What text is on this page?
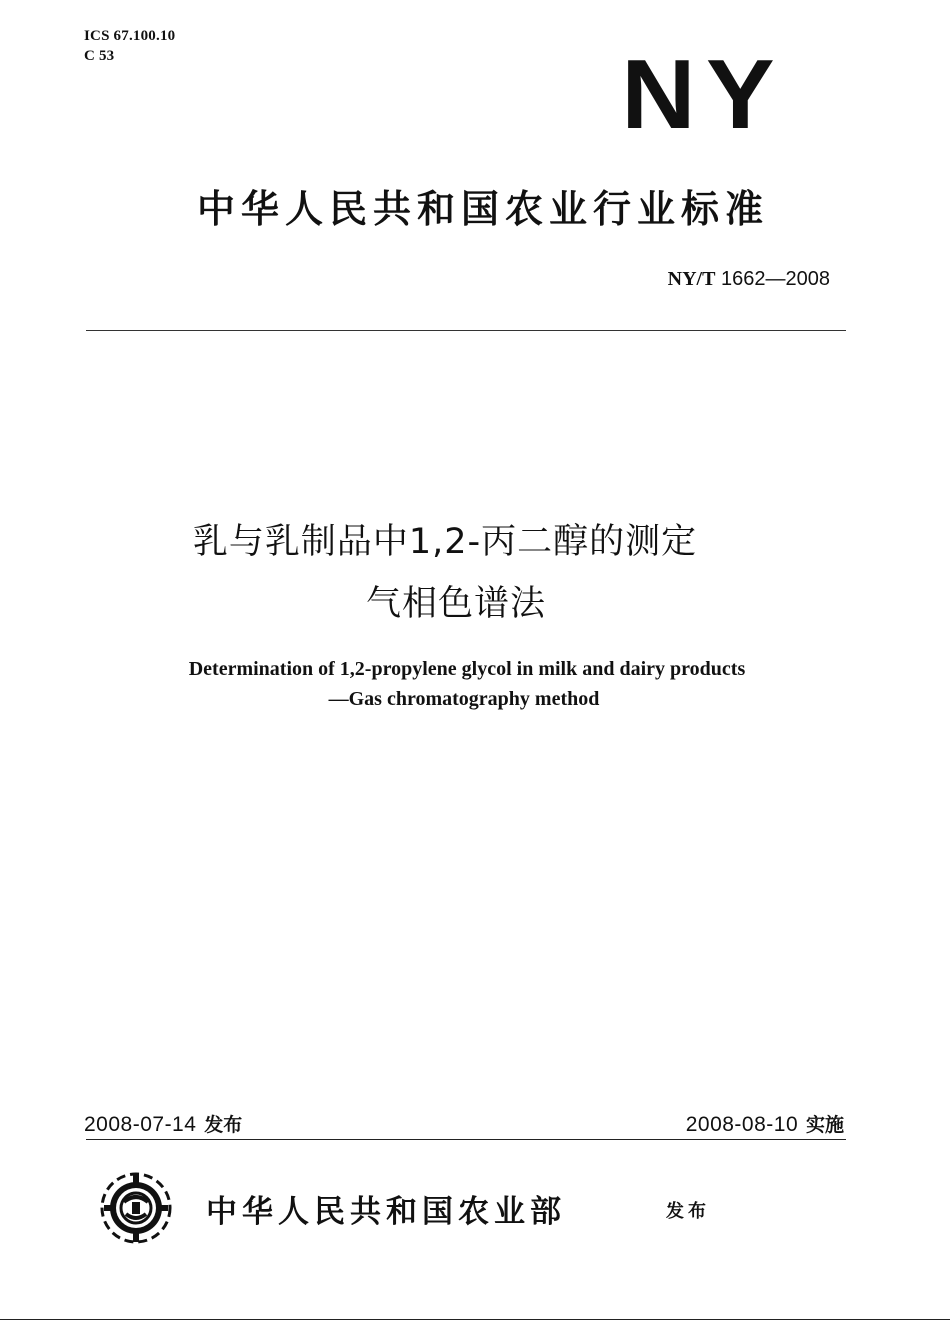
ICS 67.100.10
C 53	NY
中华人民共和国农业行业标准
NY/T 1662—2008
乳与乳制品中1,2-丙二醇的测定
气相色谱法
Determination of 1,2-propylene glycol in milk and dairy products
—Gas chromatography method
2008-07-14 发布	2008-08-10 实施
中华人民共和国农业部	发布
